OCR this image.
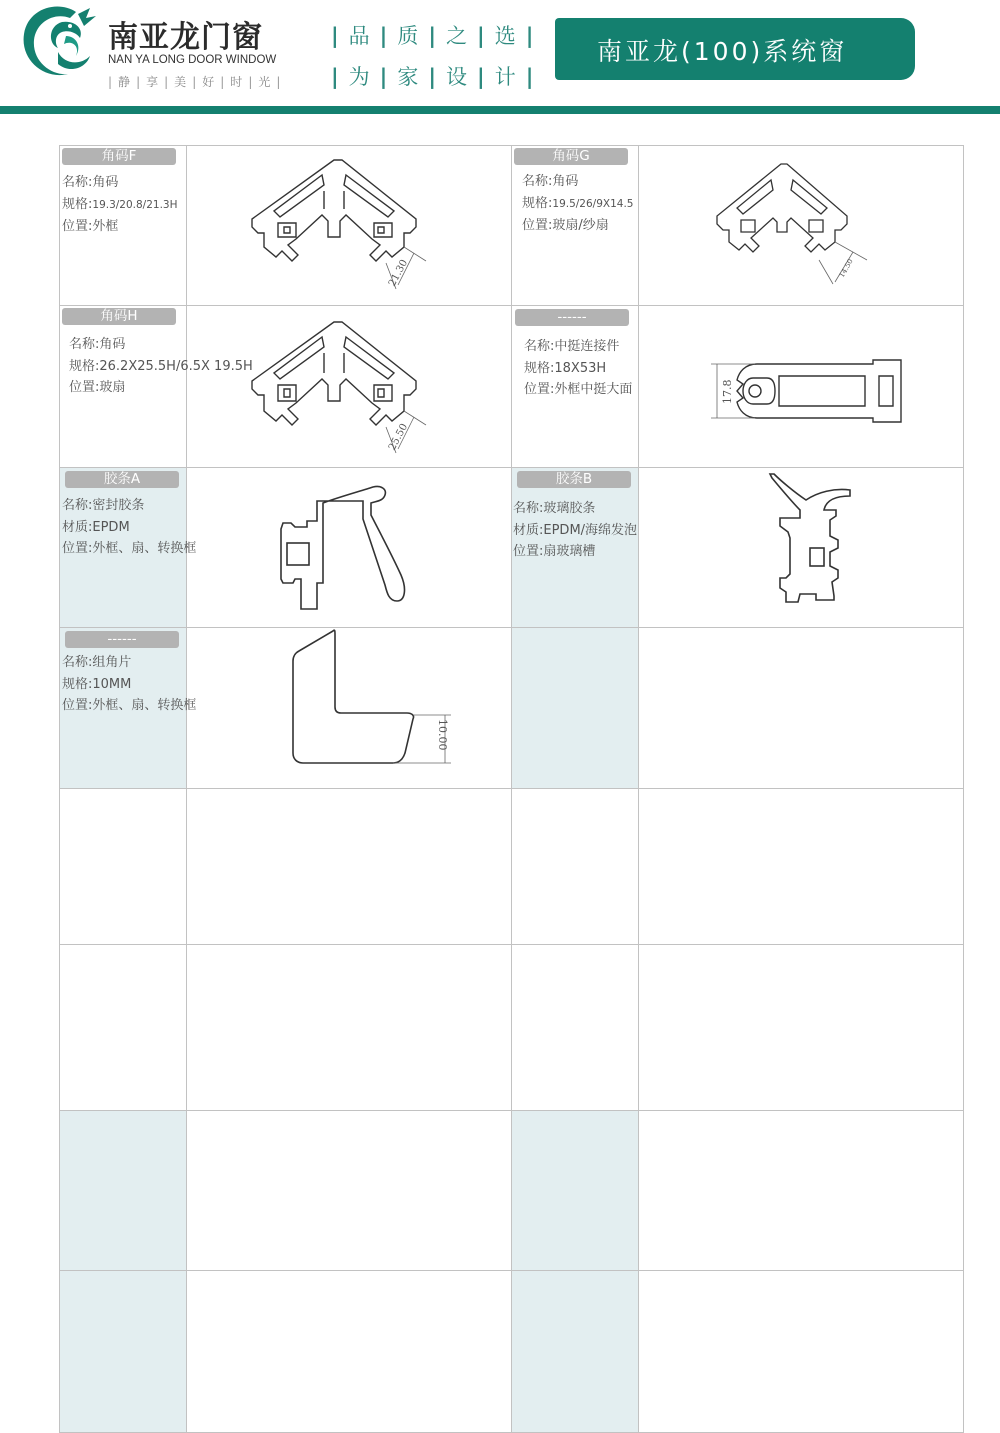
南亚龙门窗
NAN YA LONG DOOR WINDOW
| 静 | 享 | 美 | 好 | 时 | 光 |
| 品 | 质 | 之 | 选 |
| 为 | 家 | 设 | 计 |
南亚龙(100)系统窗
角码F
名称:角码
规格:19.3/20.8/21.3H
位置:外框
21.30
角码G
名称:角码
规格:19.5/26/9X14.5
位置:玻扇/纱扇
14.50
角码H
名称:角码
规格:26.2X25.5H/6.5X 19.5H
位置:玻扇
25.50
------
名称:中挺连接件
规格:18X53H
位置:外框中挺大面	17.8
胶条A
名称:密封胶条
材质:EPDM
位置:外框、扇、转换框
胶条B
名称:玻璃胶条
材质:EPDM/海绵发泡
位置:扇玻璃槽
------
名称:组角片
规格:10MM
位置:外框、扇、转换框
10.00
